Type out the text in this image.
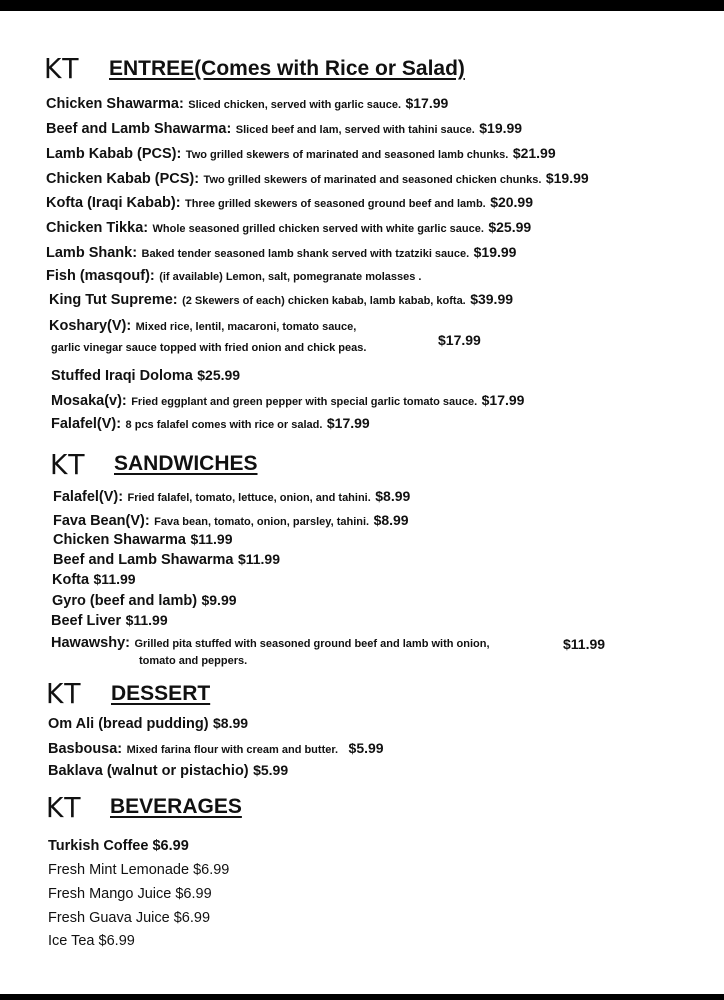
KT ENTREE(Comes with Rice or Salad)
Chicken Shawarma: Sliced chicken, served with garlic sauce. $17.99
Beef and Lamb Shawarma: Sliced beef and lam, served with tahini sauce. $19.99
Lamb Kabab (PCS): Two grilled skewers of marinated and seasoned lamb chunks. $21.99
Chicken Kabab (PCS): Two grilled skewers of marinated and seasoned chicken chunks. $19.99
Kofta (Iraqi Kabab): Three grilled skewers of seasoned ground beef and lamb. $20.99
Chicken Tikka: Whole seasoned grilled chicken served with white garlic sauce. $25.99
Lamb Shank: Baked tender seasoned lamb shank served with tzatziki sauce. $19.99
Fish (masqouf): (if available) Lemon, salt, pomegranate molasses .
King Tut Supreme: (2 Skewers of each) chicken kabab, lamb kabab, kofta. $39.99
Koshary(V): Mixed rice, lentil, macaroni, tomato sauce,
garlic vinegar sauce topped with fried onion and chick peas.	$17.99
Stuffed Iraqi Doloma $25.99
Mosaka(v): Fried eggplant and green pepper with special garlic tomato sauce. $17.99
Falafel(V): 8 pcs falafel comes with rice or salad. $17.99
KT SANDWICHES
Falafel(V): Fried falafel, tomato, lettuce, onion, and tahini. $8.99
Fava Bean(V): Fava bean, tomato, onion, parsley, tahini. $8.99
Chicken Shawarma $11.99
Beef and Lamb Shawarma $11.99
Kofta $11.99
Gyro (beef and lamb) $9.99
Beef Liver $11.99
Hawawshy: Grilled pita stuffed with seasoned ground beef and lamb with onion,
tomato and peppers.
$11.99
KT DESSERT
Om Ali (bread pudding) $8.99
Basbousa: Mixed farina flour with cream and butter. $5.99
Baklava (walnut or pistachio) $5.99
KT BEVERAGES
Turkish Coffee $6.99
Fresh Mint Lemonade $6.99
Fresh Mango Juice $6.99
Fresh Guava Juice $6.99
Ice Tea $6.99
